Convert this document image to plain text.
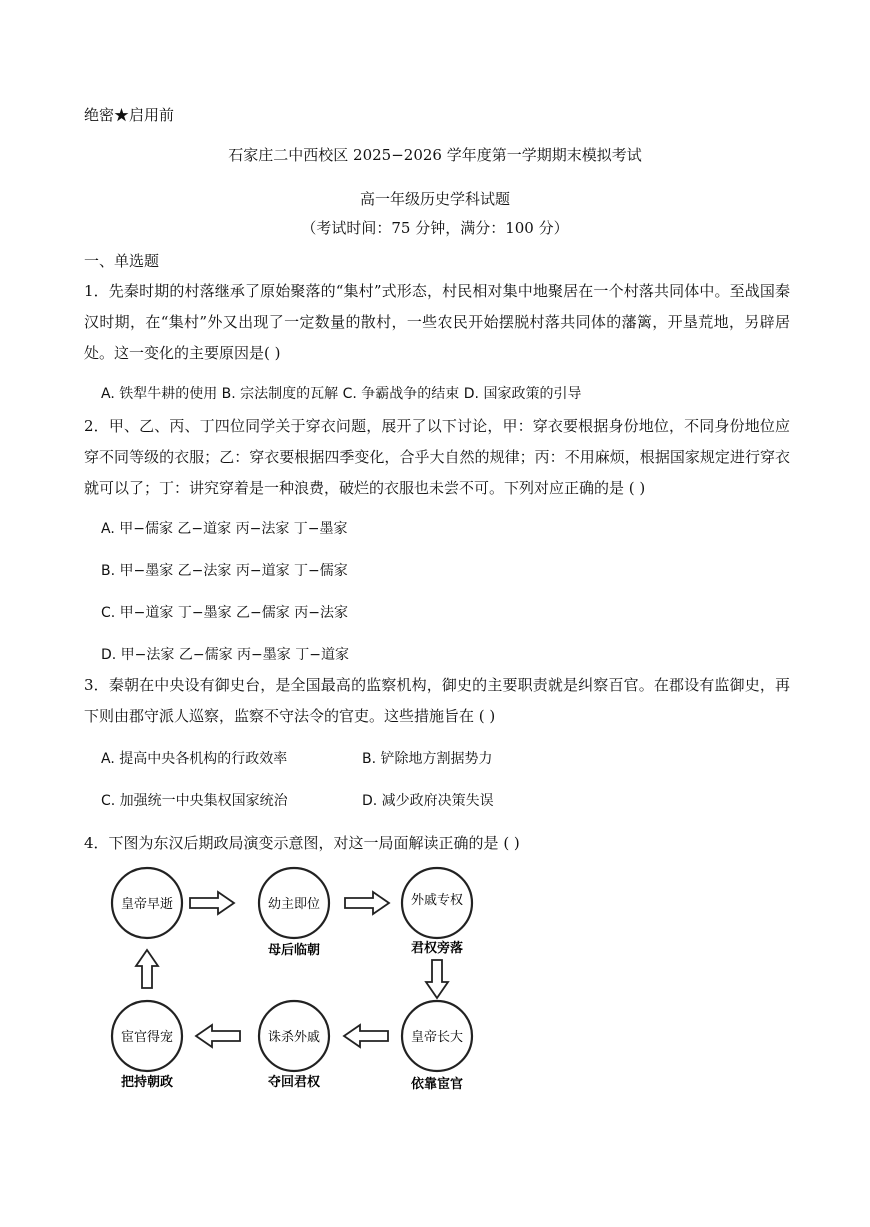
绝密★启用前
石家庄二中西校区 2025−2026 学年度第一学期期末模拟考试
高一年级历史学科试题
（考试时间：75 分钟，满分：100 分）
一、单选题
1．先秦时期的村落继承了原始聚落的“集村”式形态，村民相对集中地聚居在一个村落共同体中。至战国秦汉时期，在“集村”外又出现了一定数量的散村，一些农民开始摆脱村落共同体的藩篱，开垦荒地，另辟居处。这一变化的主要原因是( )
A. 铁犁牛耕的使用 B. 宗法制度的瓦解 C. 争霸战争的结束 D. 国家政策的引导
2．甲、乙、丙、丁四位同学关于穿衣问题，展开了以下讨论，甲：穿衣要根据身份地位，不同身份地位应穿不同等级的衣服；乙：穿衣要根据四季变化，合乎大自然的规律；丙：不用麻烦，根据国家规定进行穿衣就可以了；丁：讲究穿着是一种浪费，破烂的衣服也未尝不可。下列对应正确的是 ( )
A. 甲−儒家 乙−道家 丙−法家 丁−墨家
B. 甲−墨家 乙−法家 丙−道家 丁−儒家
C. 甲−道家 丁−墨家 乙−儒家 丙−法家
D. 甲−法家 乙−儒家 丙−墨家 丁−道家
3．秦朝在中央设有御史台，是全国最高的监察机构，御史的主要职责就是纠察百官。在郡设有监御史，再下则由郡守派人巡察，监察不守法令的官吏。这些措施旨在 ( )
A. 提高中央各机构的行政效率	B. 铲除地方割据势力
C. 加强统一中央集权国家统治	D. 减少政府决策失误
4．下图为东汉后期政局演变示意图，对这一局面解读正确的是 ( )
皇帝早逝	幼主即位	外戚专权
皇帝长大
诛杀外戚
宦官得宠
母后临朝	君权旁落
依靠宦官
夺回君权
把持朝政
